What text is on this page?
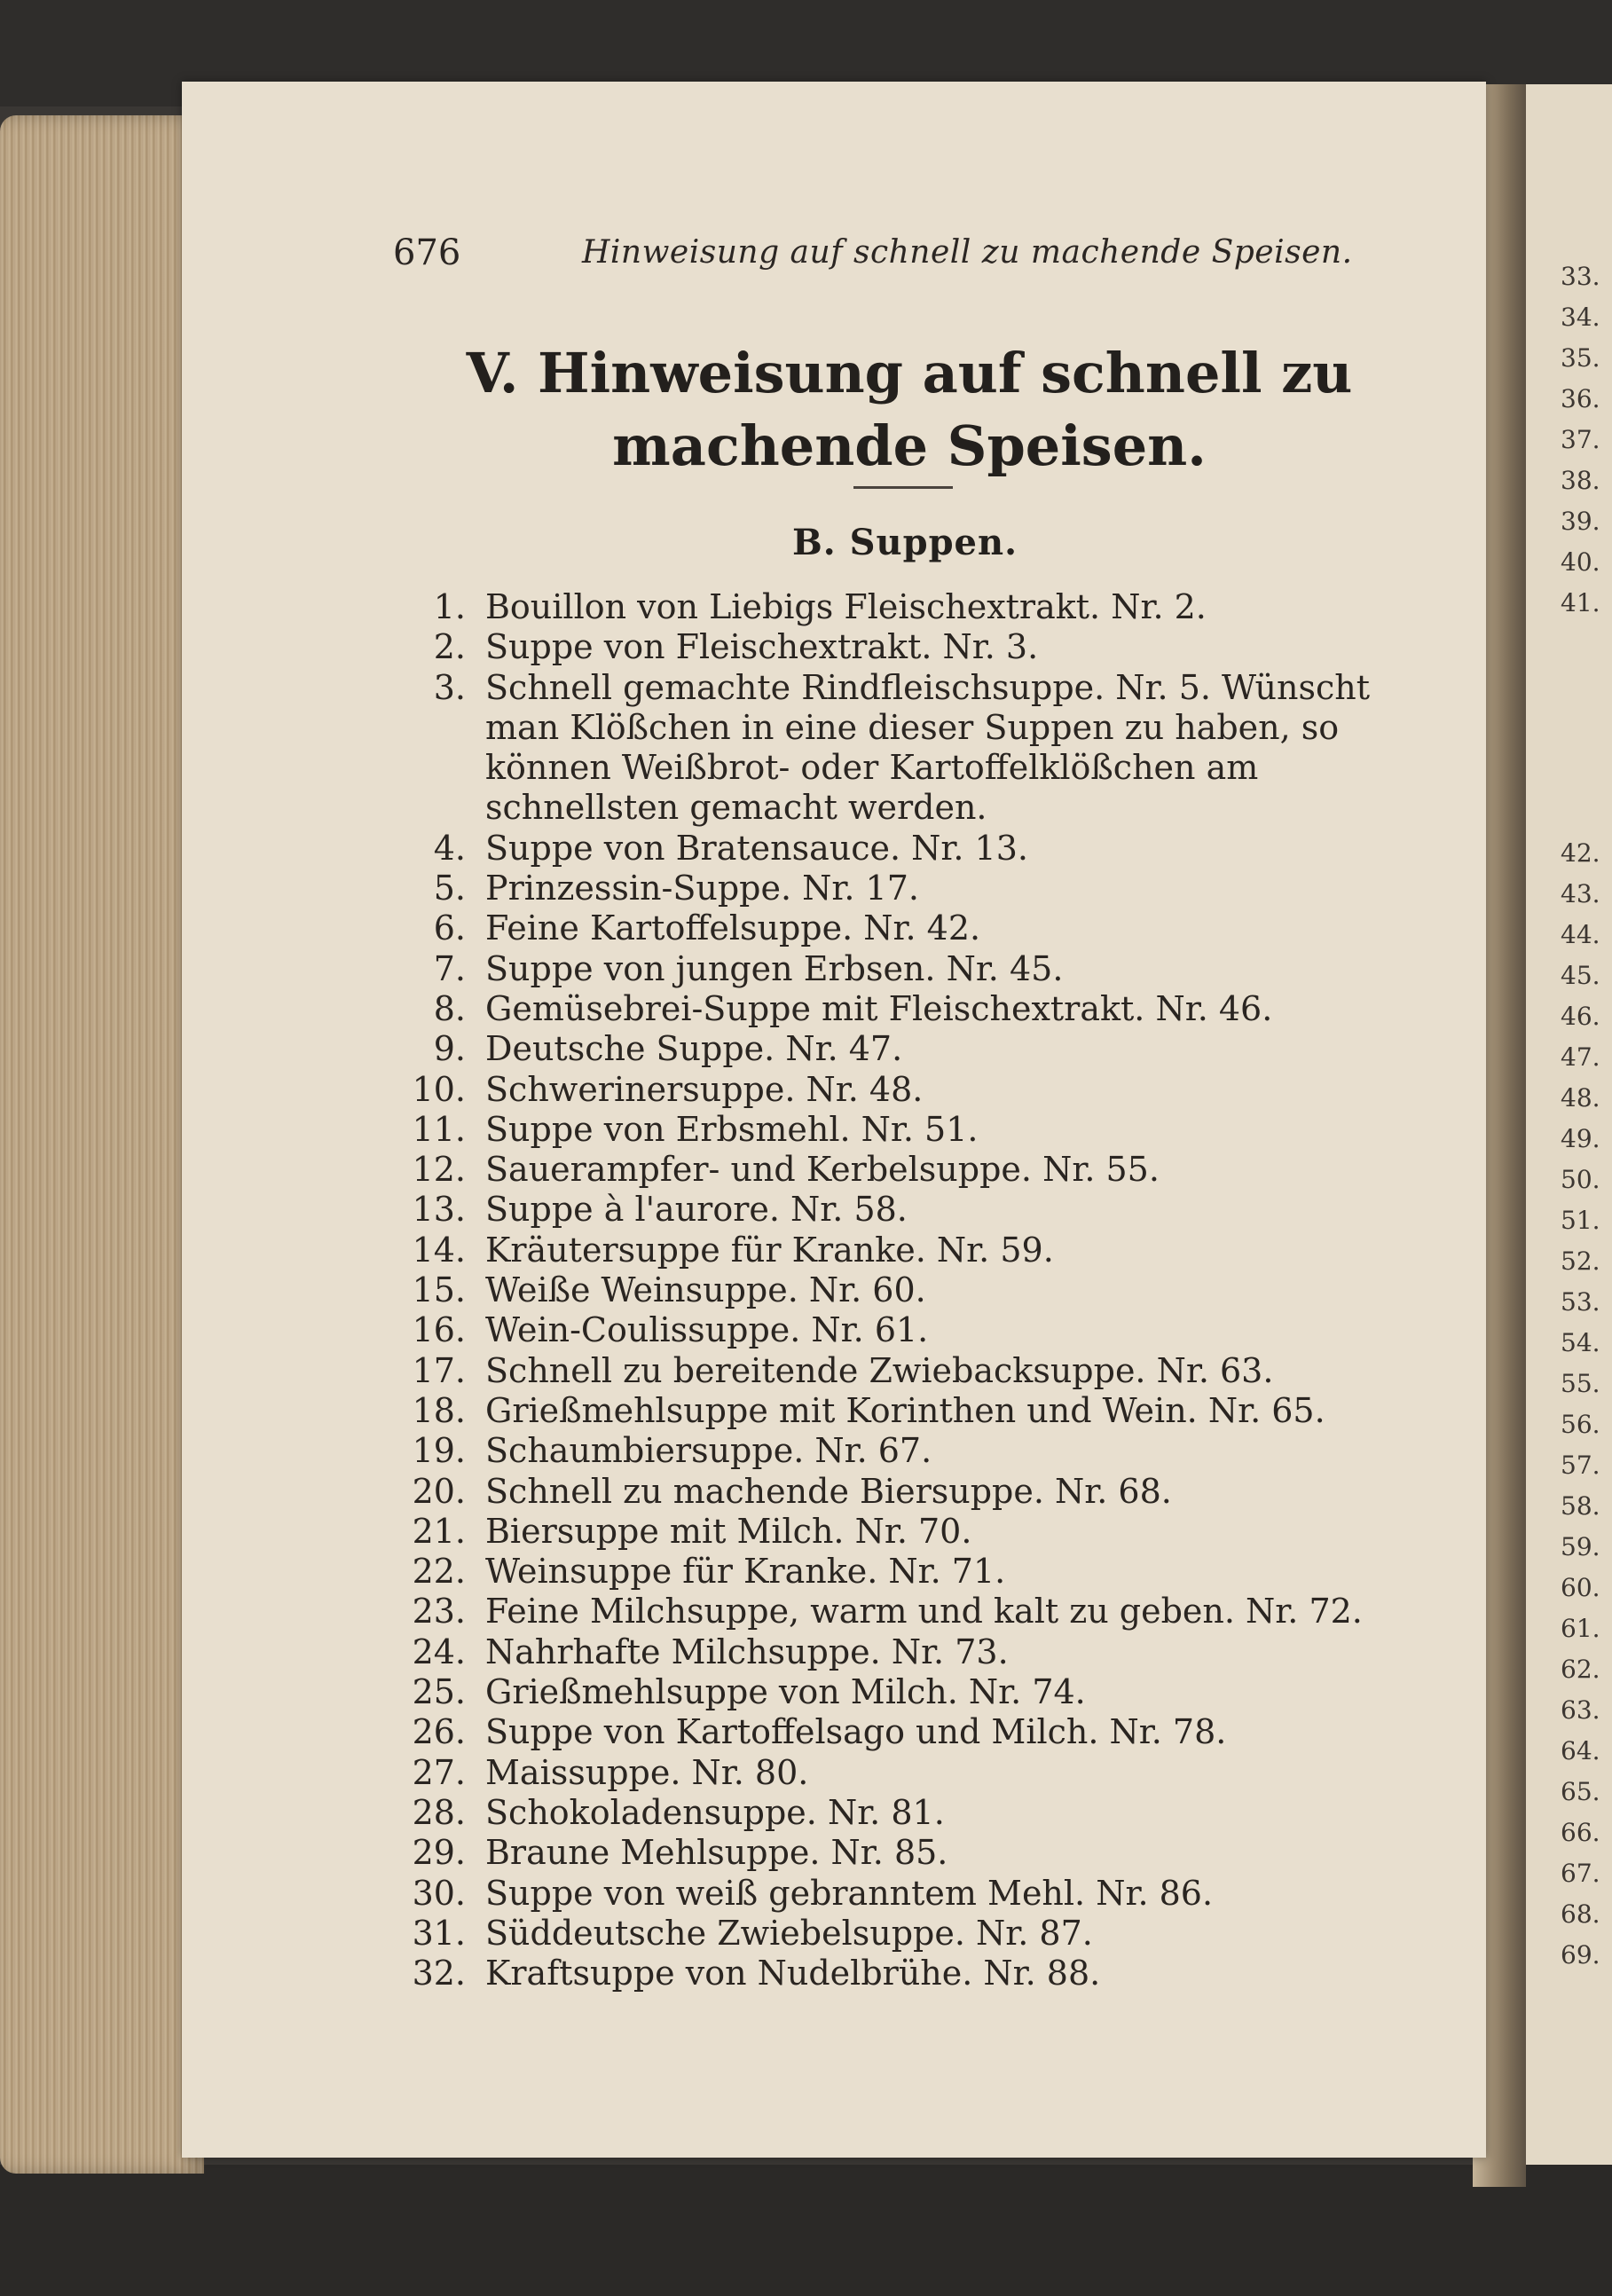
33.
34.
35.
36.
37.
38.
39.
40.
41.
42.
43.
44.
45.
46.
47.
48.
49.
50.
51.
52.
53.
54.
55.
56.
57.
58.
59.
60.
61.
62.
63.
64.
65.
66.
67.
68.
69.
676	Hinweisung auf schnell zu machende Speisen.
V. Hinweisung auf schnell zu machende Speisen.
B. Suppen.
1. Bouillon von Liebigs Fleischextrakt. Nr. 2.
2. Suppe von Fleischextrakt. Nr. 3.
3. Schnell gemachte Rindfleischsuppe. Nr. 5. Wünscht man Klößchen in eine dieser Suppen zu haben, so können Weißbrot- oder Kartoffelklößchen am schnellsten gemacht werden.
4. Suppe von Bratensauce. Nr. 13.
5. Prinzessin-Suppe. Nr. 17.
6. Feine Kartoffelsuppe. Nr. 42.
7. Suppe von jungen Erbsen. Nr. 45.
8. Gemüsebrei-Suppe mit Fleischextrakt. Nr. 46.
9. Deutsche Suppe. Nr. 47.
10. Schwerinersuppe. Nr. 48.
11. Suppe von Erbsmehl. Nr. 51.
12. Sauerampfer- und Kerbelsuppe. Nr. 55.
13. Suppe à l'aurore. Nr. 58.
14. Kräutersuppe für Kranke. Nr. 59.
15. Weiße Weinsuppe. Nr. 60.
16. Wein-Coulissuppe. Nr. 61.
17. Schnell zu bereitende Zwiebacksuppe. Nr. 63.
18. Grießmehlsuppe mit Korinthen und Wein. Nr. 65.
19. Schaumbiersuppe. Nr. 67.
20. Schnell zu machende Biersuppe. Nr. 68.
21. Biersuppe mit Milch. Nr. 70.
22. Weinsuppe für Kranke. Nr. 71.
23. Feine Milchsuppe, warm und kalt zu geben. Nr. 72.
24. Nahrhafte Milchsuppe. Nr. 73.
25. Grießmehlsuppe von Milch. Nr. 74.
26. Suppe von Kartoffelsago und Milch. Nr. 78.
27. Maissuppe. Nr. 80.
28. Schokoladensuppe. Nr. 81.
29. Braune Mehlsuppe. Nr. 85.
30. Suppe von weiß gebranntem Mehl. Nr. 86.
31. Süddeutsche Zwiebelsuppe. Nr. 87.
32. Kraftsuppe von Nudelbrühe. Nr. 88.
